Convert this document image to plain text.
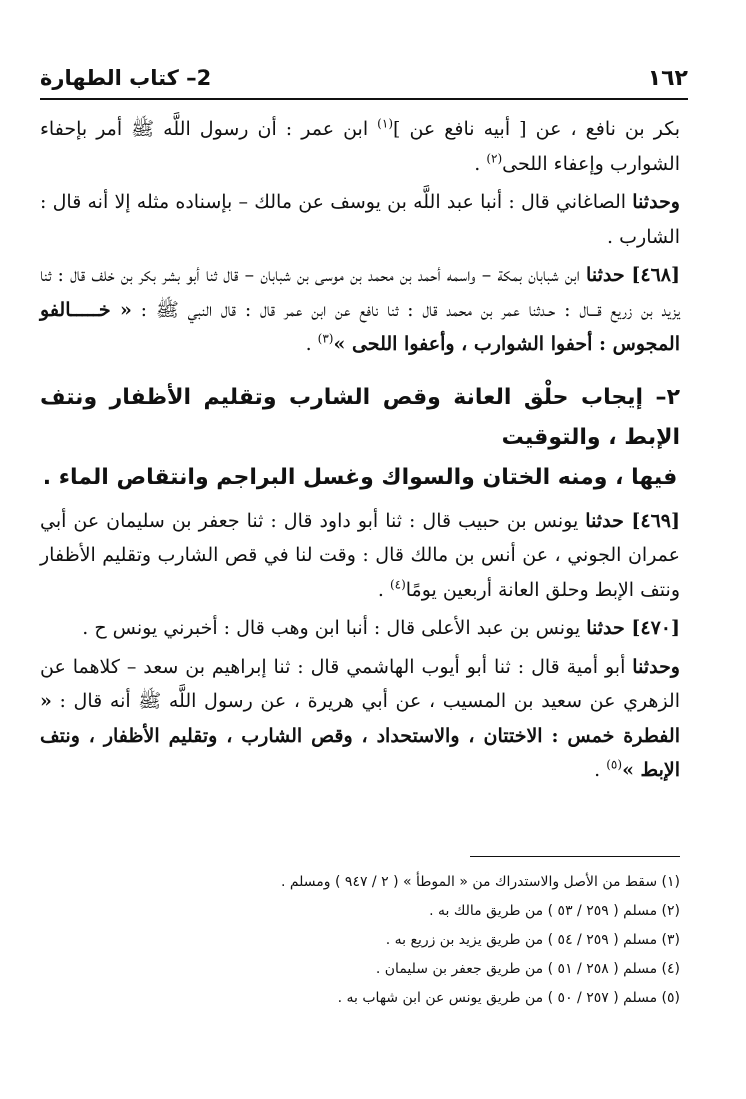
١٦٢
2– كتاب الطهارة

بكر بن نافع ، عن [ أبيه نافع عن ]$^{(١)}$ ابن عمر : أن رسول اللَّه ﷺ أمر بإحفاء الشوارب وإعفاء اللحى$^{(٢)}$ .

وحدثنا الصاغاني قال : أنبا عبد اللَّه بن يوسف عن مالك – بإسناده مثله إلا أنه قال : الشارب .

[٤٦٨] حدثنا ابن شبابان بمكة – واسمه أحمد بن محمد بن موسى بن شبابان – قال ثنا أبو بشر بكر بن خلف قال : ثنا يزيد بن زريع قـــال : حـدثنا عمر بن محمد قال : ثنا نافع عن ابن عمر قال : قال النبي ﷺ : « خـــــالفو المجوس : أحفوا الشوارب ، وأعفوا اللحى »$^{(٣)}$ .

٢– إيجاب حلْق العانة وقص الشارب وتقليم الأظفار ونتف الإبط ، والتوقيت
فيها ، ومنه الختان والسواك وغسل البراجم وانتقاص الماء .

[٤٦٩] حدثنا يونس بن حبيب قال : ثنا أبو داود قال : ثنا جعفر بن سليمان عن أبي عمران الجوني ، عن أنس بن مالك قال : وقت لنا في قص الشارب وتقليم الأظفار ونتف الإبط وحلق العانة أربعين يومًا$^{(٤)}$ .

[٤٧٠] حدثنا يونس بن عبد الأعلى قال : أنبا ابن وهب قال : أخبرني يونس ح .

وحدثنا أبو أمية قال : ثنا أبو أيوب الهاشمي قال : ثنا إبراهيم بن سعد – كلاهما عن الزهري عن سعيد بن المسيب ، عن أبي هريرة ، عن رسول اللَّه ﷺ أنه قال : « الفطرة خمس : الاختتان ، والاستحداد ، وقص الشارب ، وتقليم الأظفار ، ونتف الإبط »$^{(٥)}$ .

(١) سقط من الأصل والاستدراك من « الموطأ » ( ٢ / ٩٤٧ ) ومسلم .
(٢) مسلم ( ٢٥٩ / ٥٣ ) من طريق مالك به .
(٣) مسلم ( ٢٥٩ / ٥٤ ) من طريق يزيد بن زريع به .
(٤) مسلم ( ٢٥٨ / ٥١ ) من طريق جعفر بن سليمان .
(٥) مسلم ( ٢٥٧ / ٥٠ ) من طريق يونس عن ابن شهاب به .
